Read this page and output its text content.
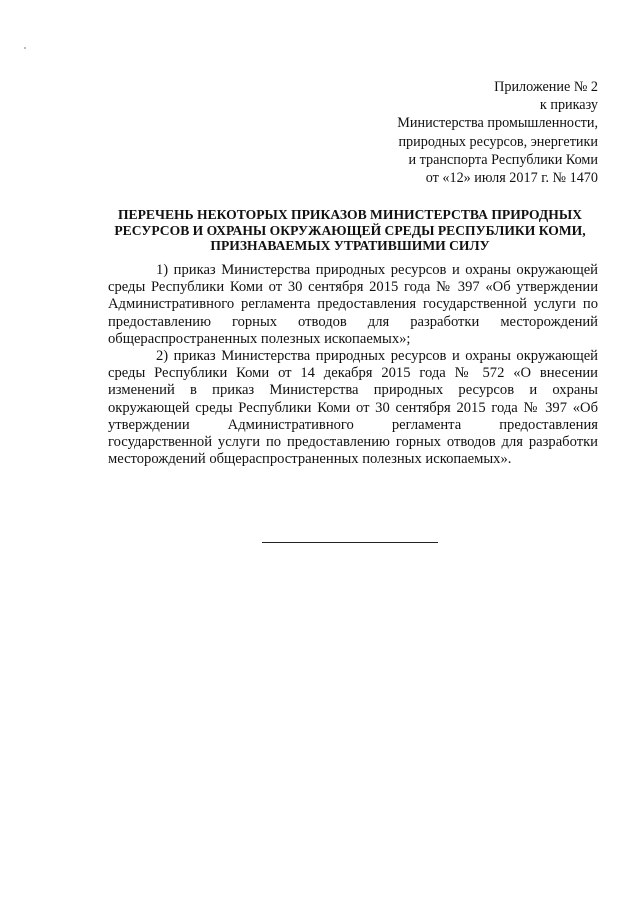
Приложение № 2
к приказу
Министерства промышленности,
природных ресурсов, энергетики
и транспорта Республики Коми
от «12» июля 2017 г. № 1470
ПЕРЕЧЕНЬ НЕКОТОРЫХ ПРИКАЗОВ МИНИСТЕРСТВА ПРИРОДНЫХ
РЕСУРСОВ И ОХРАНЫ ОКРУЖАЮЩЕЙ СРЕДЫ РЕСПУБЛИКИ КОМИ,
ПРИЗНАВАЕМЫХ УТРАТИВШИМИ СИЛУ

1) приказ Министерства природных ресурсов и охраны окружающей среды Республики Коми от 30 сентября 2015 года № 397 «Об утверждении Административного регламента предоставления государственной услуги по предоставлению горных отводов для разработки месторождений общераспространенных полезных ископаемых»;

2) приказ Министерства природных ресурсов и охраны окружающей среды Республики Коми от 14 декабря 2015 года № 572 «О внесении изменений в приказ Министерства природных ресурсов и охраны окружающей среды Республики Коми от 30 сентября 2015 года № 397 «Об утверждении Административного регламента предоставления государственной услуги по предоставлению горных отводов для разработки месторождений общераспространенных полезных ископаемых».
